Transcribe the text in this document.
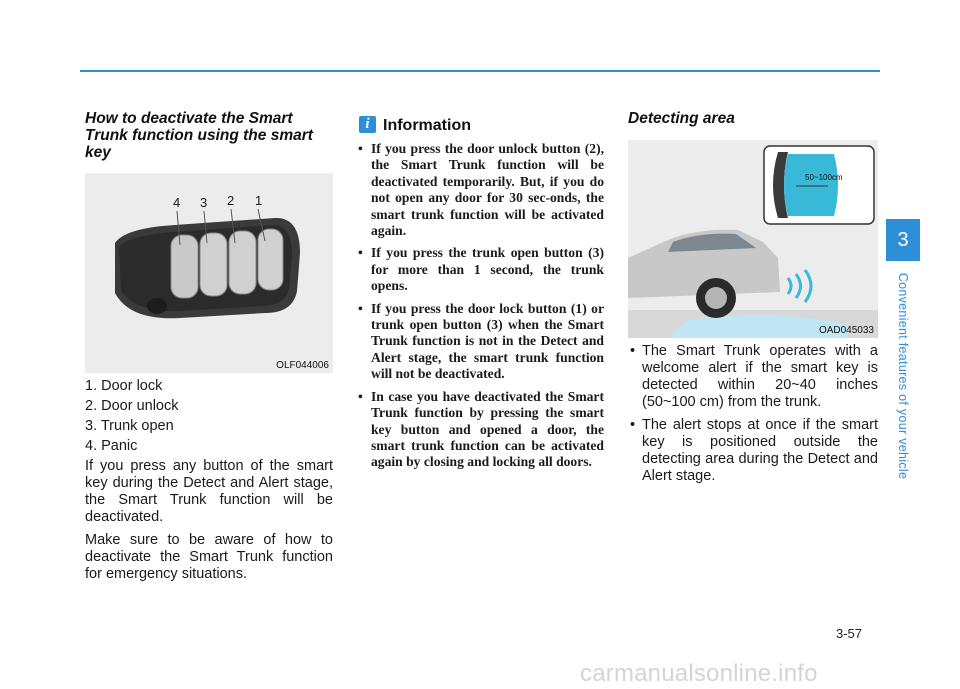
How to deactivate the Smart Trunk function using the smart key

4 3 2 1
OLF044006

1. Door lock

2. Door unlock

3. Trunk open

4. Panic

If you press any button of the smart key during the Detect and Alert stage, the Smart Trunk function will be deactivated.

Make sure to be aware of how to deactivate the Smart Trunk function for emergency situations.

i Information
• If you press the door unlock button (2), the Smart Trunk function will be deactivated temporarily. But, if you do not open any door for 30 sec-onds, the smart trunk function will be activated again.
• If you press the trunk open button (3) for more than 1 second, the trunk opens.
• If you press the door lock button (1) or trunk open button (3) when the Smart Trunk function is not in the Detect and Alert stage, the smart trunk function will not be deactivated.
• In case you have deactivated the Smart Trunk function by pressing the smart key button and opened a door, the smart trunk function can be activated again by closing and locking all doors.

Detecting area

50~100cm
OAD045033
• The Smart Trunk operates with a welcome alert if the smart key is detected within 20~40 inches (50~100 cm) from the trunk.
• The alert stops at once if the smart key is positioned outside the detecting area during the Detect and Alert stage.
3
Convenient features of your vehicle
3-57
carmanualsonline.info
